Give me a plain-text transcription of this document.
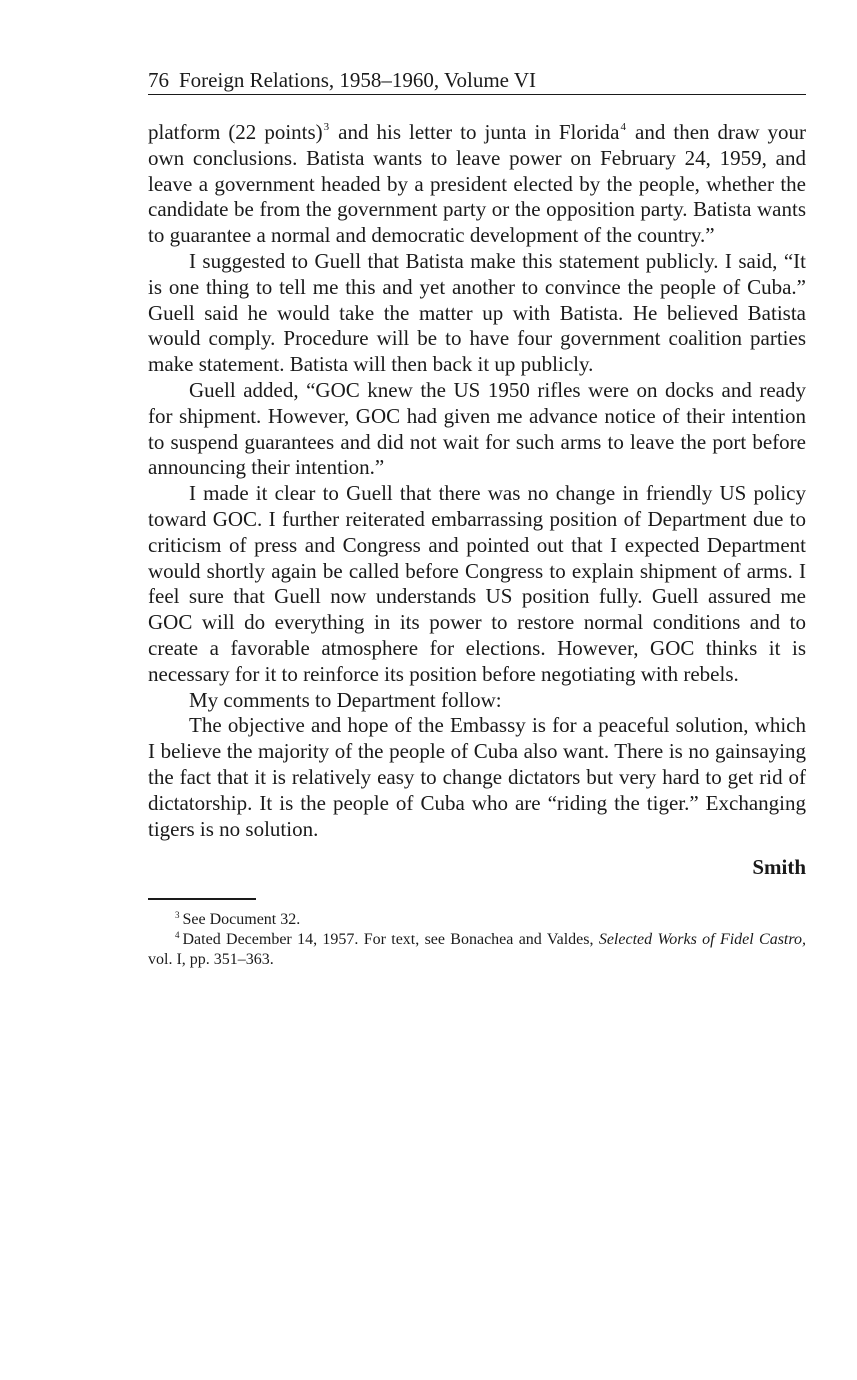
76 Foreign Relations, 1958–1960, Volume VI

platform (22 points)$^3$ and his letter to junta in Florida$^4$ and then draw your own conclusions. Batista wants to leave power on February 24, 1959, and leave a government headed by a president elected by the people, whether the candidate be from the government party or the opposition party. Batista wants to guarantee a normal and democratic development of the country.”

I suggested to Guell that Batista make this statement publicly. I said, “It is one thing to tell me this and yet another to convince the people of Cuba.” Guell said he would take the matter up with Batista. He believed Batista would comply. Procedure will be to have four government coalition parties make statement. Batista will then back it up publicly.

Guell added, “GOC knew the US 1950 rifles were on docks and ready for shipment. However, GOC had given me advance notice of their intention to suspend guarantees and did not wait for such arms to leave the port before announcing their intention.”

I made it clear to Guell that there was no change in friendly US policy toward GOC. I further reiterated embarrassing position of Department due to criticism of press and Congress and pointed out that I expected Department would shortly again be called before Congress to explain shipment of arms. I feel sure that Guell now understands US position fully. Guell assured me GOC will do everything in its power to restore normal conditions and to create a favorable atmosphere for elections. However, GOC thinks it is necessary for it to reinforce its position before negotiating with rebels.

My comments to Department follow:

The objective and hope of the Embassy is for a peaceful solution, which I believe the majority of the people of Cuba also want. There is no gainsaying the fact that it is relatively easy to change dictators but very hard to get rid of dictatorship. It is the people of Cuba who are “riding the tiger.” Exchanging tigers is no solution.

Smith

$^3$ See Document 32.

$^4$ Dated December 14, 1957. For text, see Bonachea and Valdes, Selected Works of Fidel Castro, vol. I, pp. 351–363.
